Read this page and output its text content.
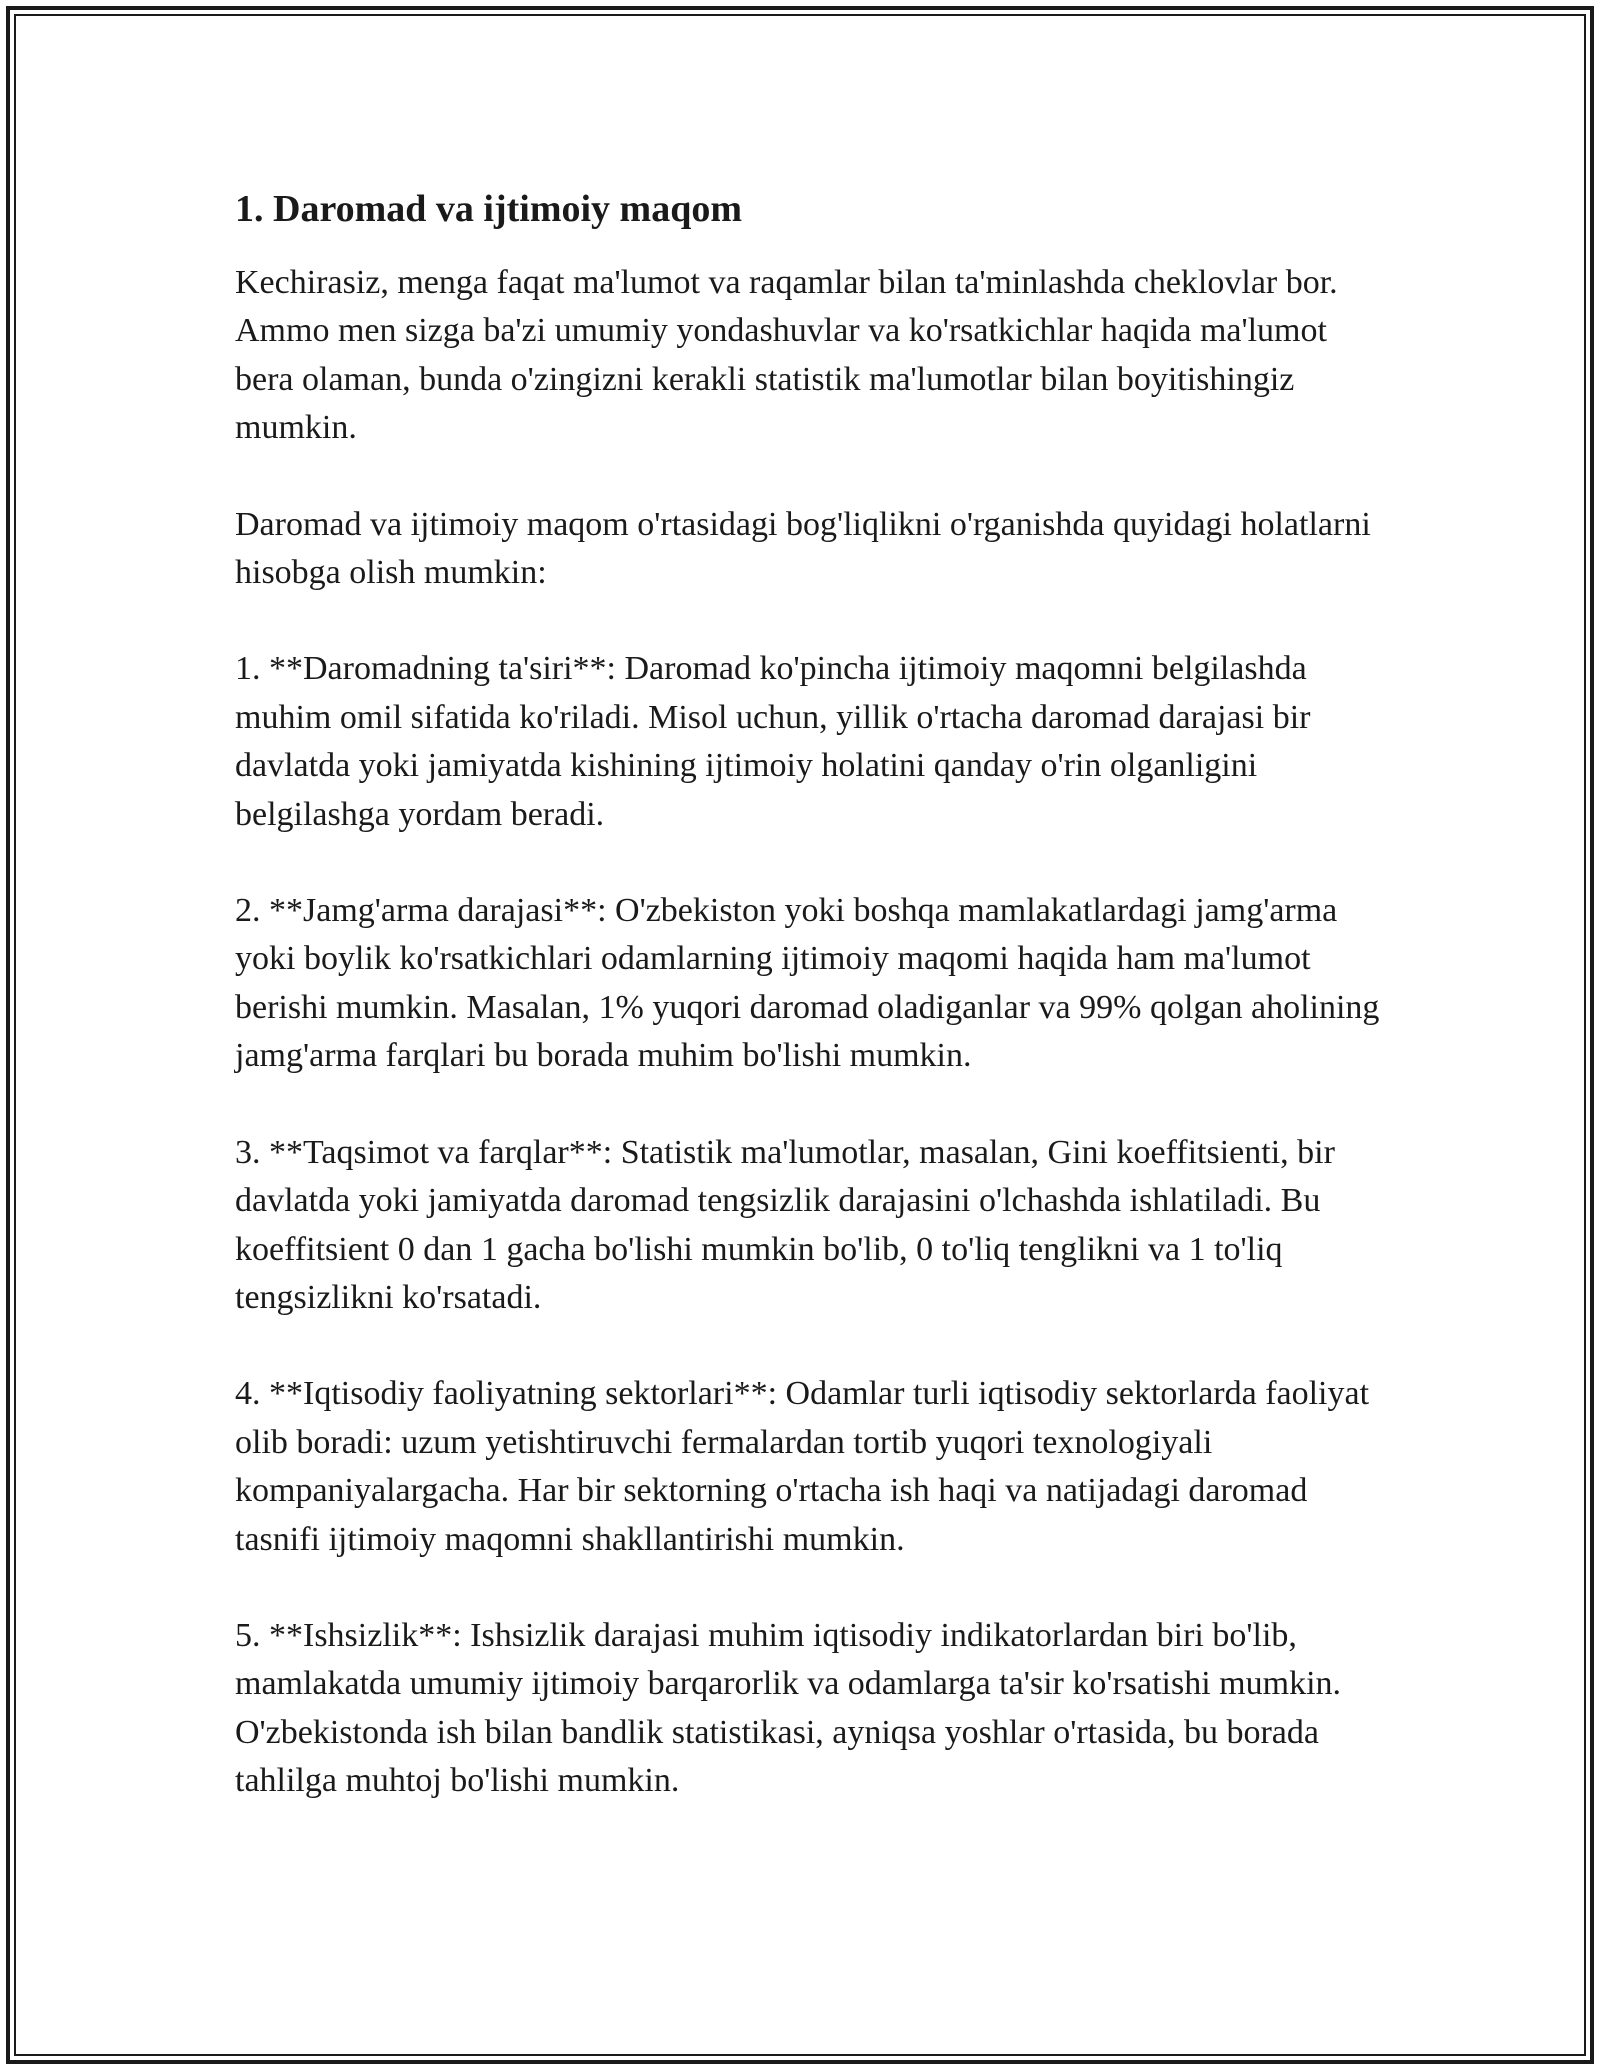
1. Daromad va ijtimoiy maqom

Kechirasiz, menga faqat ma'lumot va raqamlar bilan ta'minlashda cheklovlar bor. Ammo men sizga ba'zi umumiy yondashuvlar va ko'rsatkichlar haqida ma'lumot bera olaman, bunda o'zingizni kerakli statistik ma'lumotlar bilan boyitishingiz mumkin.

Daromad va ijtimoiy maqom o'rtasidagi bog'liqlikni o'rganishda quyidagi holatlarni hisobga olish mumkin:

1. **Daromadning ta'siri**: Daromad ko'pincha ijtimoiy maqomni belgilashda muhim omil sifatida ko'riladi. Misol uchun, yillik o'rtacha daromad darajasi bir davlatda yoki jamiyatda kishining ijtimoiy holatini qanday o'rin olganligini belgilashga yordam beradi.

2. **Jamg'arma darajasi**: O'zbekiston yoki boshqa mamlakatlardagi jamg'arma yoki boylik ko'rsatkichlari odamlarning ijtimoiy maqomi haqida ham ma'lumot berishi mumkin. Masalan, 1% yuqori daromad oladiganlar va 99% qolgan aholining jamg'arma farqlari bu borada muhim bo'lishi mumkin.

3. **Taqsimot va farqlar**: Statistik ma'lumotlar, masalan, Gini koeffitsienti, bir davlatda yoki jamiyatda daromad tengsizlik darajasini o'lchashda ishlatiladi. Bu koeffitsient 0 dan 1 gacha bo'lishi mumkin bo'lib, 0 to'liq tenglikni va 1 to'liq tengsizlikni ko'rsatadi.

4. **Iqtisodiy faoliyatning sektorlari**: Odamlar turli iqtisodiy sektorlarda faoliyat olib boradi: uzum yetishtiruvchi fermalardan tortib yuqori texnologiyali kompaniyalargacha. Har bir sektorning o'rtacha ish haqi va natijadagi daromad tasnifi ijtimoiy maqomni shakllantirishi mumkin.

5. **Ishsizlik**: Ishsizlik darajasi muhim iqtisodiy indikatorlardan biri bo'lib, mamlakatda umumiy ijtimoiy barqarorlik va odamlarga ta'sir ko'rsatishi mumkin. O'zbekistonda ish bilan bandlik statistikasi, ayniqsa yoshlar o'rtasida, bu borada tahlilga muhtoj bo'lishi mumkin.
